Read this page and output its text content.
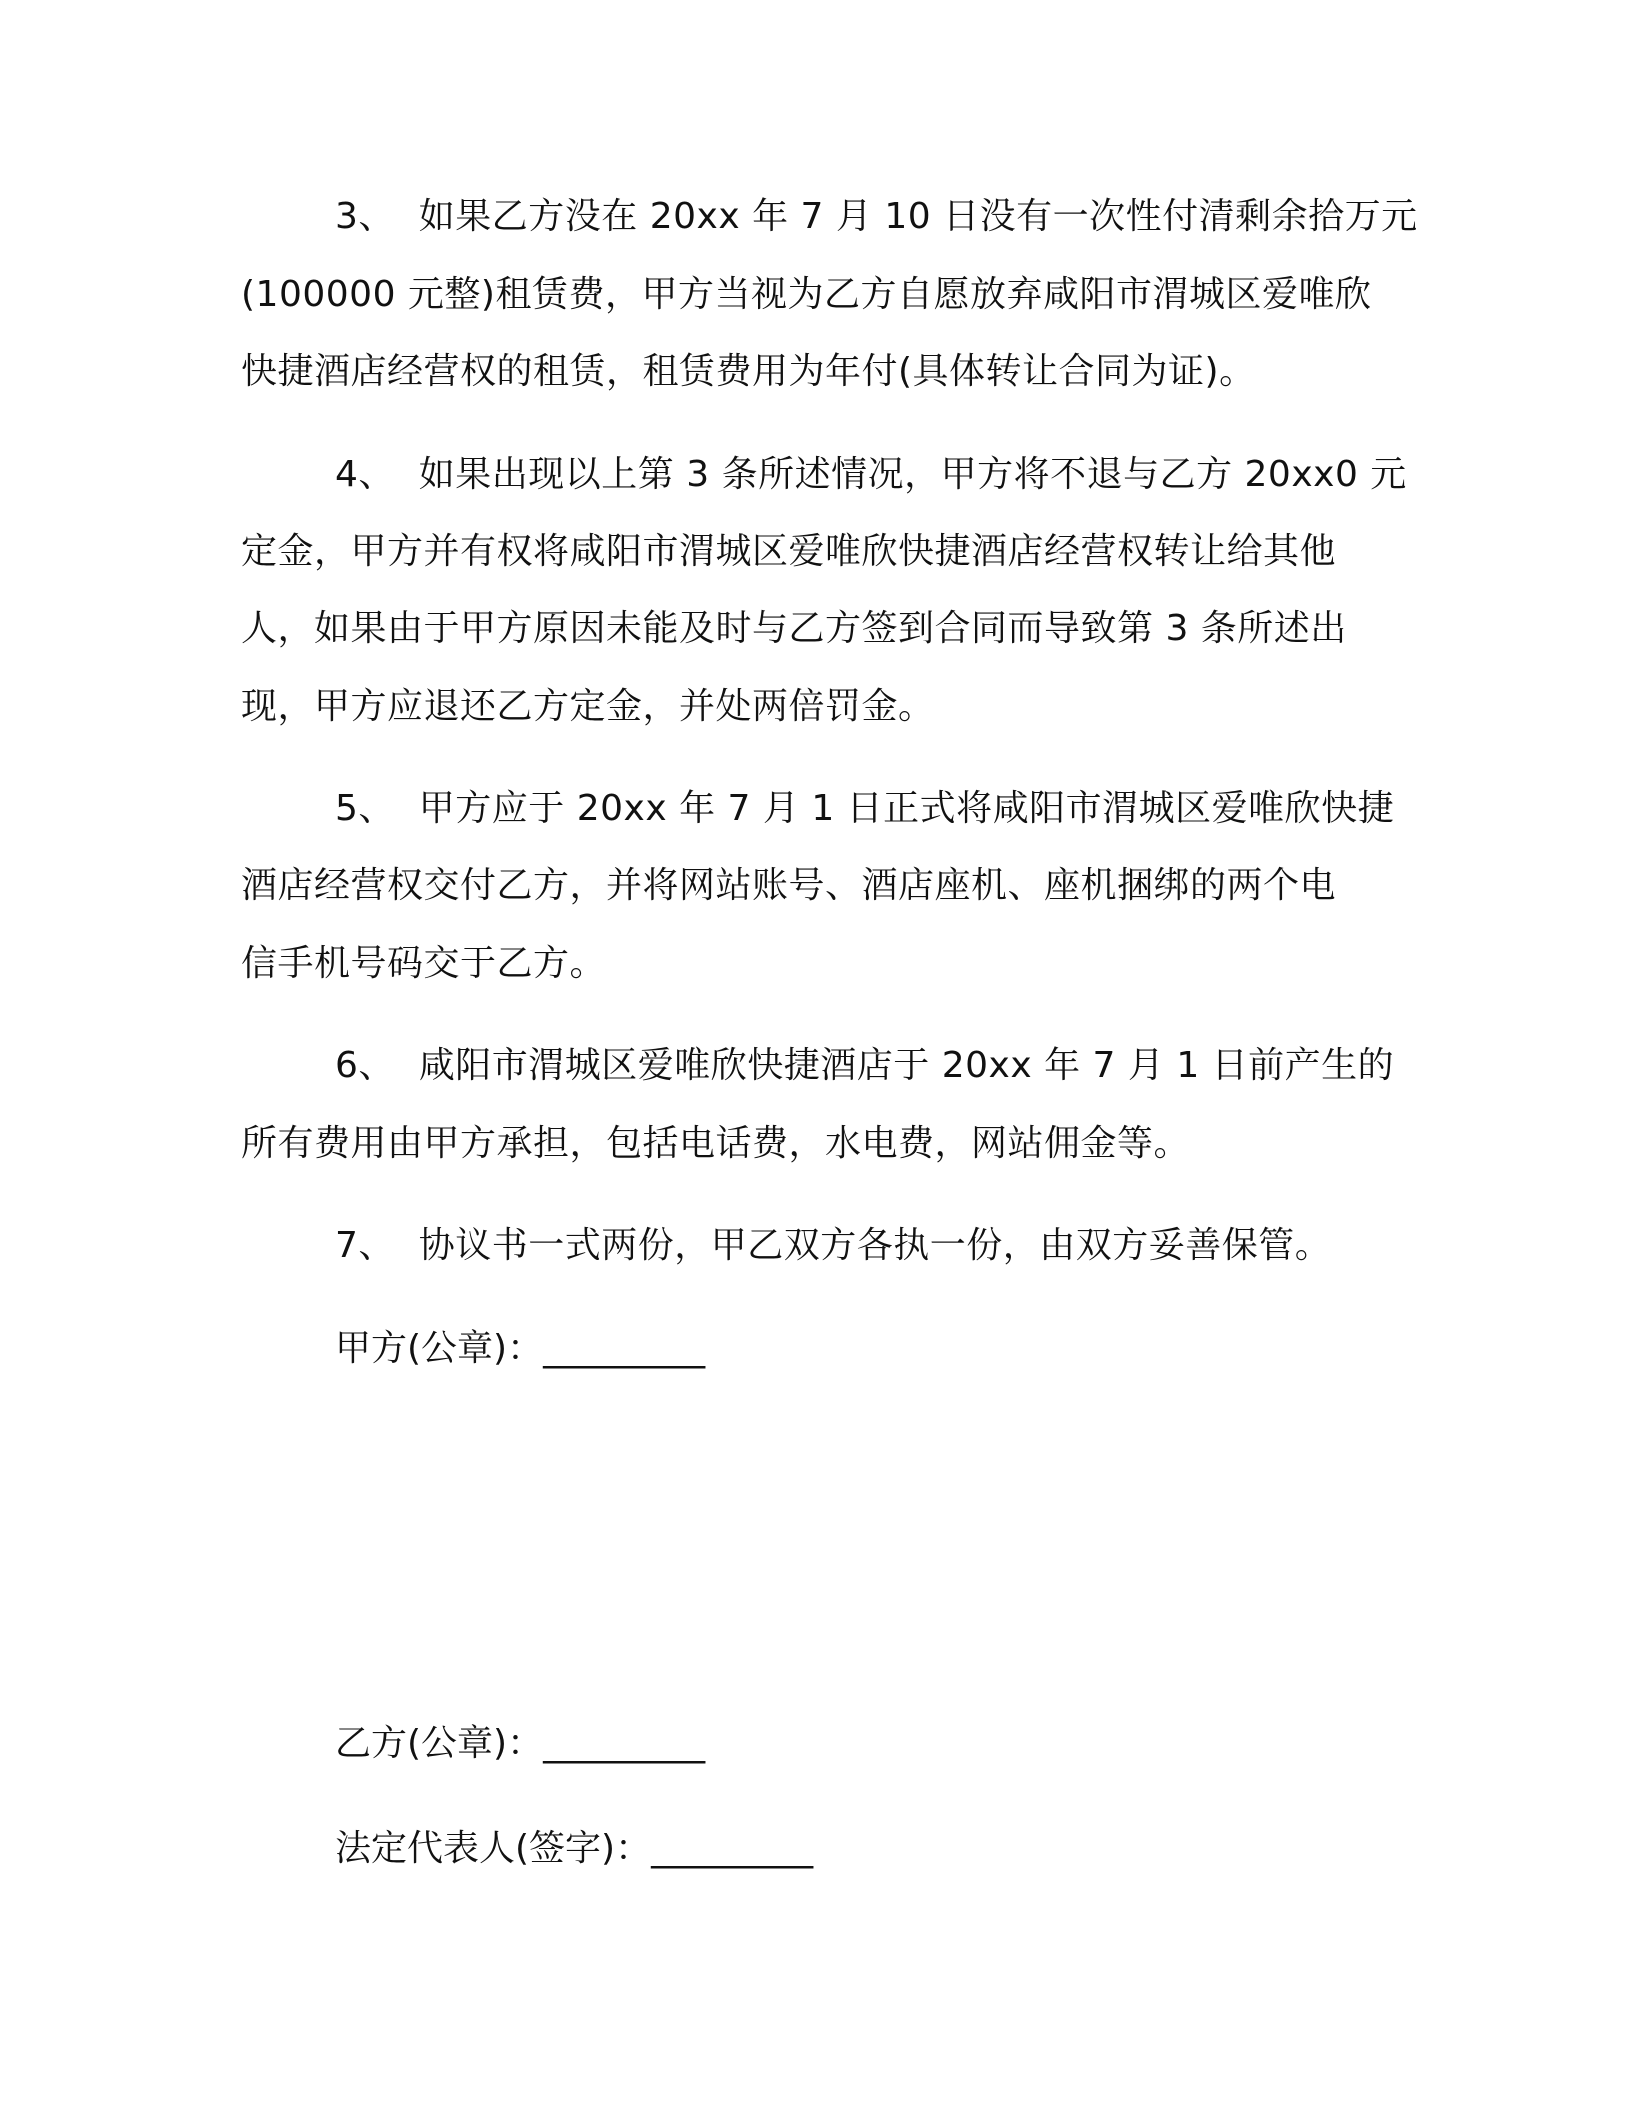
3、  如果乙方没在 20xx 年 7 月 10 日没有一次性付清剩余拾万元
(100000 元整)租赁费，甲方当视为乙方自愿放弃咸阳市渭城区爱唯欣
快捷酒店经营权的租赁，租赁费用为年付(具体转让合同为证)。
4、  如果出现以上第 3 条所述情况，甲方将不退与乙方 20xx0 元
定金，甲方并有权将咸阳市渭城区爱唯欣快捷酒店经营权转让给其他
人，如果由于甲方原因未能及时与乙方签到合同而导致第 3 条所述出
现，甲方应退还乙方定金，并处两倍罚金。
5、  甲方应于 20xx 年 7 月 1 日正式将咸阳市渭城区爱唯欣快捷
酒店经营权交付乙方，并将网站账号、酒店座机、座机捆绑的两个电
信手机号码交于乙方。
6、  咸阳市渭城区爱唯欣快捷酒店于 20xx 年 7 月 1 日前产生的
所有费用由甲方承担，包括电话费，水电费，网站佣金等。
7、  协议书一式两份，甲乙双方各执一份，由双方妥善保管。
甲方(公章)：_________
乙方(公章)：_________
法定代表人(签字)：_________
